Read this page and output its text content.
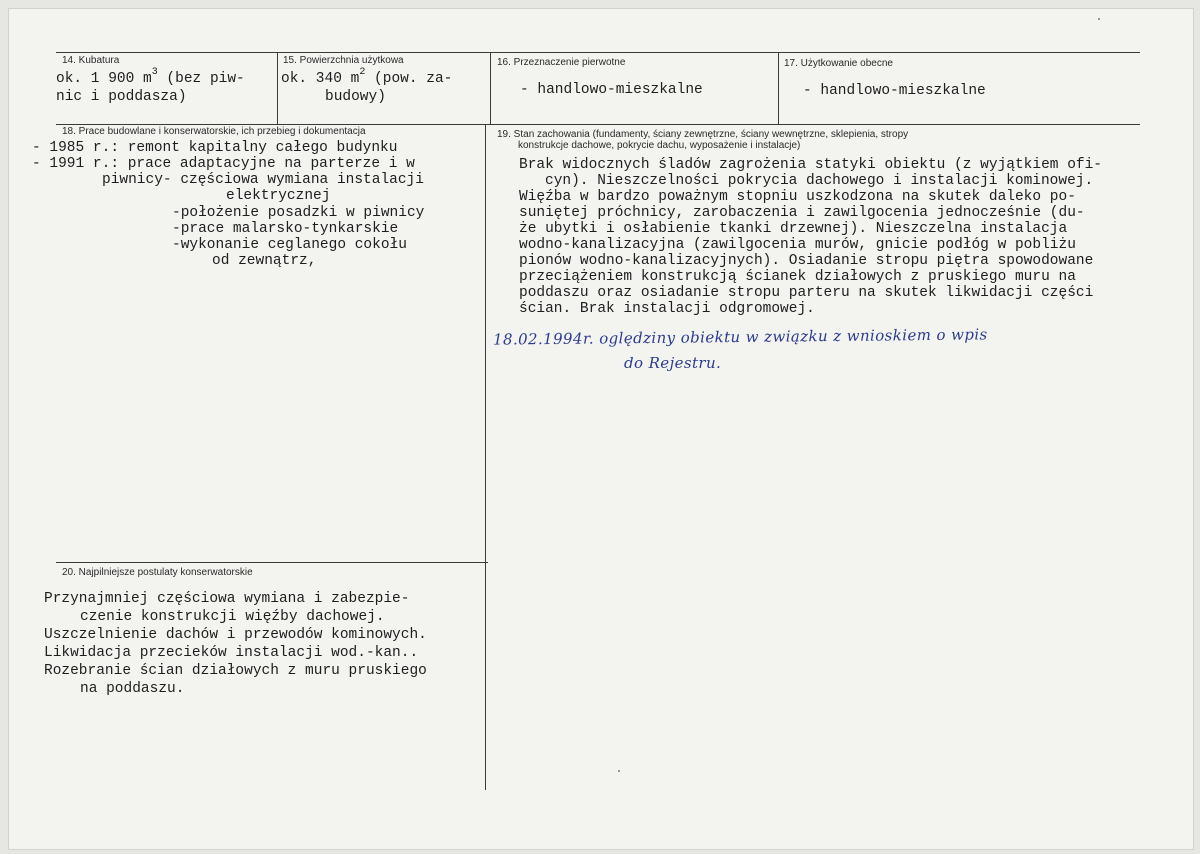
14. Kubatura
ok. 1 900 $m^3$ (bez piw-
nic i poddasza)
15. Powierzchnia użytkowa
ok. 340 $m^2$ (pow. za-
budowy)
16. Przeznaczenie pierwotne
- handlowo-mieszkalne
17. Użytkowanie obecne
- handlowo-mieszkalne
18. Prace budowlane i konserwatorskie, ich przebieg i dokumentacja
- 1985 r.: remont kapitalny całego budynku
- 1991 r.: prace adaptacyjne na parterze i w
piwnicy- częściowa wymiana instalacji
elektrycznej
-położenie posadzki w piwnicy
-prace malarsko-tynkarskie
-wykonanie ceglanego cokołu
od zewnątrz,
19. Stan zachowania (fundamenty, ściany zewnętrzne, ściany wewnętrzne, sklepienia, stropy
konstrukcje dachowe, pokrycie dachu, wyposażenie i instalacje)
Brak widocznych śladów zagrożenia statyki obiektu (z wyjątkiem ofi-
cyn). Nieszczelności pokrycia dachowego i instalacji kominowej.
Więźba w bardzo poważnym stopniu uszkodzona na skutek daleko po-
suniętej próchnicy, zarobaczenia i zawilgocenia jednocześnie (du-
że ubytki i osłabienie tkanki drzewnej). Nieszczelna instalacja
wodno-kanalizacyjna (zawilgocenia murów, gnicie podłóg w pobliżu
pionów wodno-kanalizacyjnych). Osiadanie stropu piętra spowodowane
przeciążeniem konstrukcją ścianek działowych z pruskiego muru na
poddaszu oraz osiadanie stropu parteru na skutek likwidacji części
ścian. Brak instalacji odgromowej.
18.02.1994r. oględziny obiektu w związku z wnioskiem o wpis
do Rejestru.
20. Najpilniejsze postulaty konserwatorskie
Przynajmniej częściowa wymiana i zabezpie-
czenie konstrukcji więźby dachowej.
Uszczelnienie dachów i przewodów kominowych.
Likwidacja przecieków instalacji wod.-kan..
Rozebranie ścian działowych z muru pruskiego
na poddaszu.
